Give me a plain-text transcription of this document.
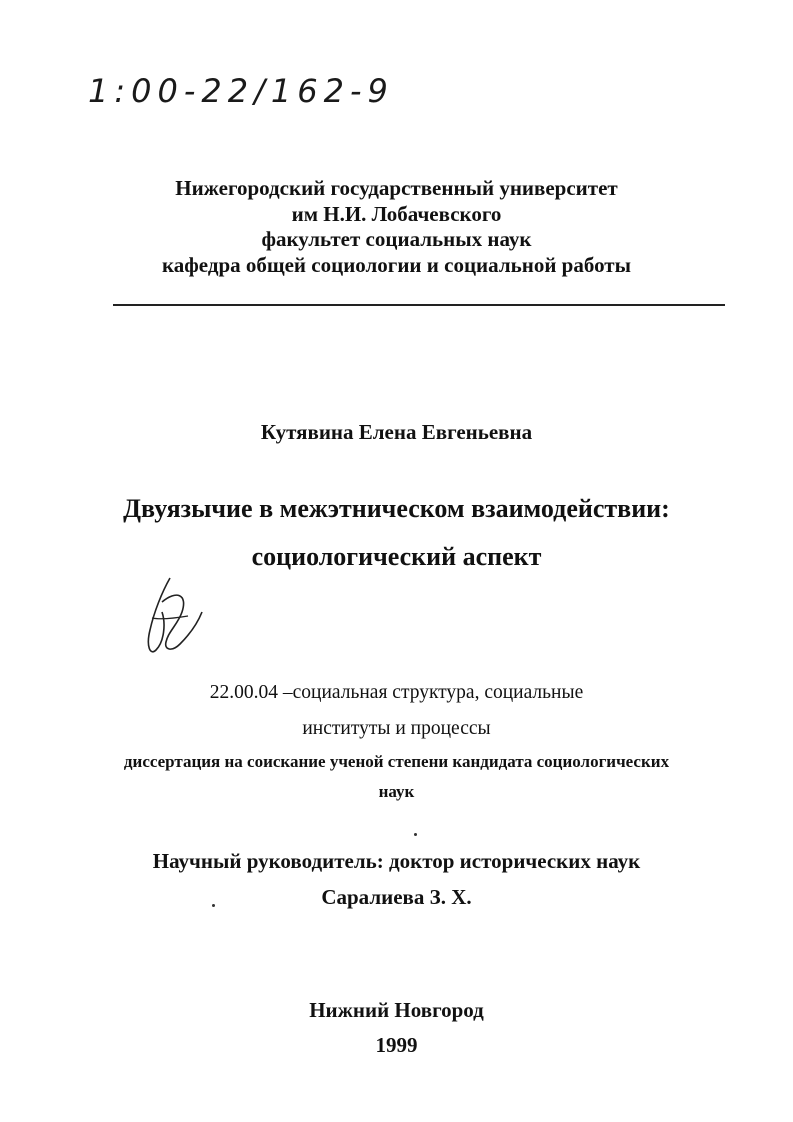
1:00-22/162-9
Нижегородский государственный университет
им Н.И. Лобачевского
факультет социальных наук
кафедра общей социологии и социальной работы
Кутявина Елена Евгеньевна
Двуязычие в межэтническом взаимодействии:
социологический аспект
22.00.04 –социальная структура, социальные
институты и процессы
диссертация на соискание ученой степени кандидата социологических
наук
Научный руководитель: доктор исторических наук
Саралиева З. Х.
Нижний Новгород
1999
